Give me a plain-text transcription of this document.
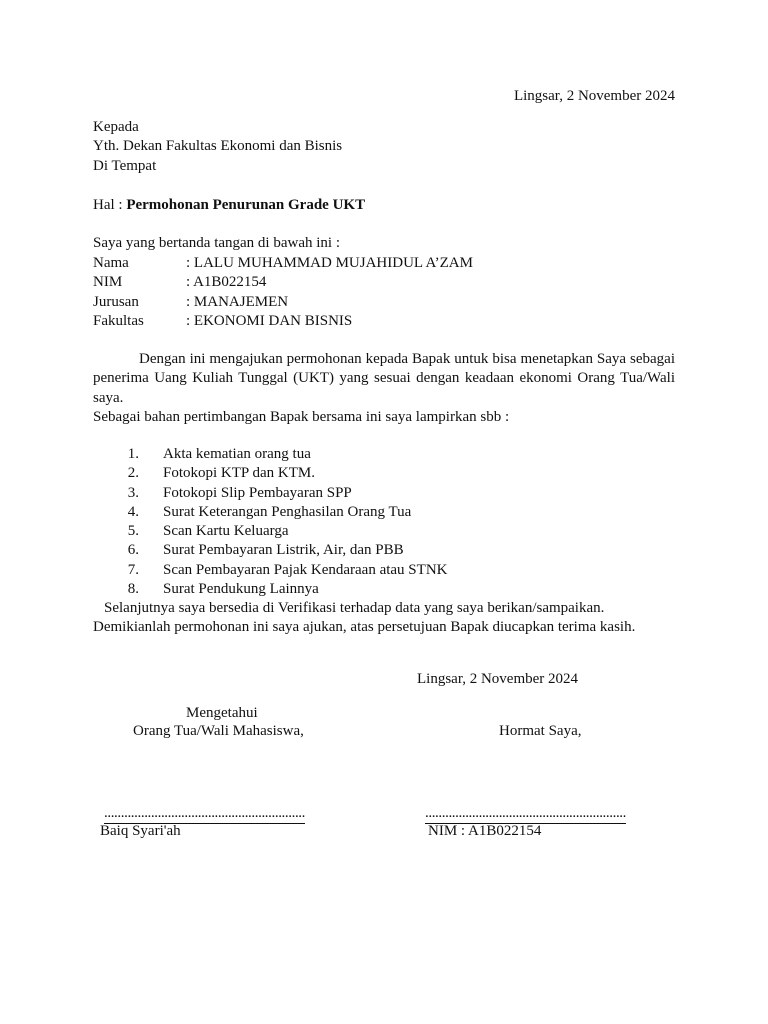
Lingsar, 2 November 2024
Kepada
Yth. Dekan Fakultas Ekonomi dan Bisnis
Di Tempat
Hal : Permohonan Penurunan Grade UKT
Saya yang bertanda tangan di bawah ini :
Nama	: LALU MUHAMMAD MUJAHIDUL A’ZAM
NIM	: A1B022154
Jurusan	: MANAJEMEN
Fakultas	: EKONOMI DAN BISNIS

Dengan ini mengajukan permohonan kepada Bapak untuk bisa menetapkan Saya sebagai penerima Uang Kuliah Tunggal (UKT) yang sesuai dengan keadaan ekonomi Orang Tua/Wali saya.

Sebagai bahan pertimbangan Bapak bersama ini saya lampirkan sbb :

1.	Akta kematian orang tua
2.	Fotokopi KTP dan KTM.
3.	Fotokopi Slip Pembayaran SPP
4.	Surat Keterangan Penghasilan Orang Tua
5.	Scan Kartu Keluarga
6.	Surat Pembayaran Listrik, Air, dan PBB
7.	Scan Pembayaran Pajak Kendaraan atau STNK
8.	Surat Pendukung Lainnya

Selanjutnya saya bersedia di Verifikasi terhadap data yang saya berikan/sampaikan.

Demikianlah permohonan ini saya ajukan, atas persetujuan Bapak diucapkan terima kasih.

Lingsar, 2 November 2024
Mengetahui
Orang Tua/Wali Mahasiswa,	Hormat Saya,
............................................................	............................................................
Baiq Syari'ah	NIM : A1B022154
